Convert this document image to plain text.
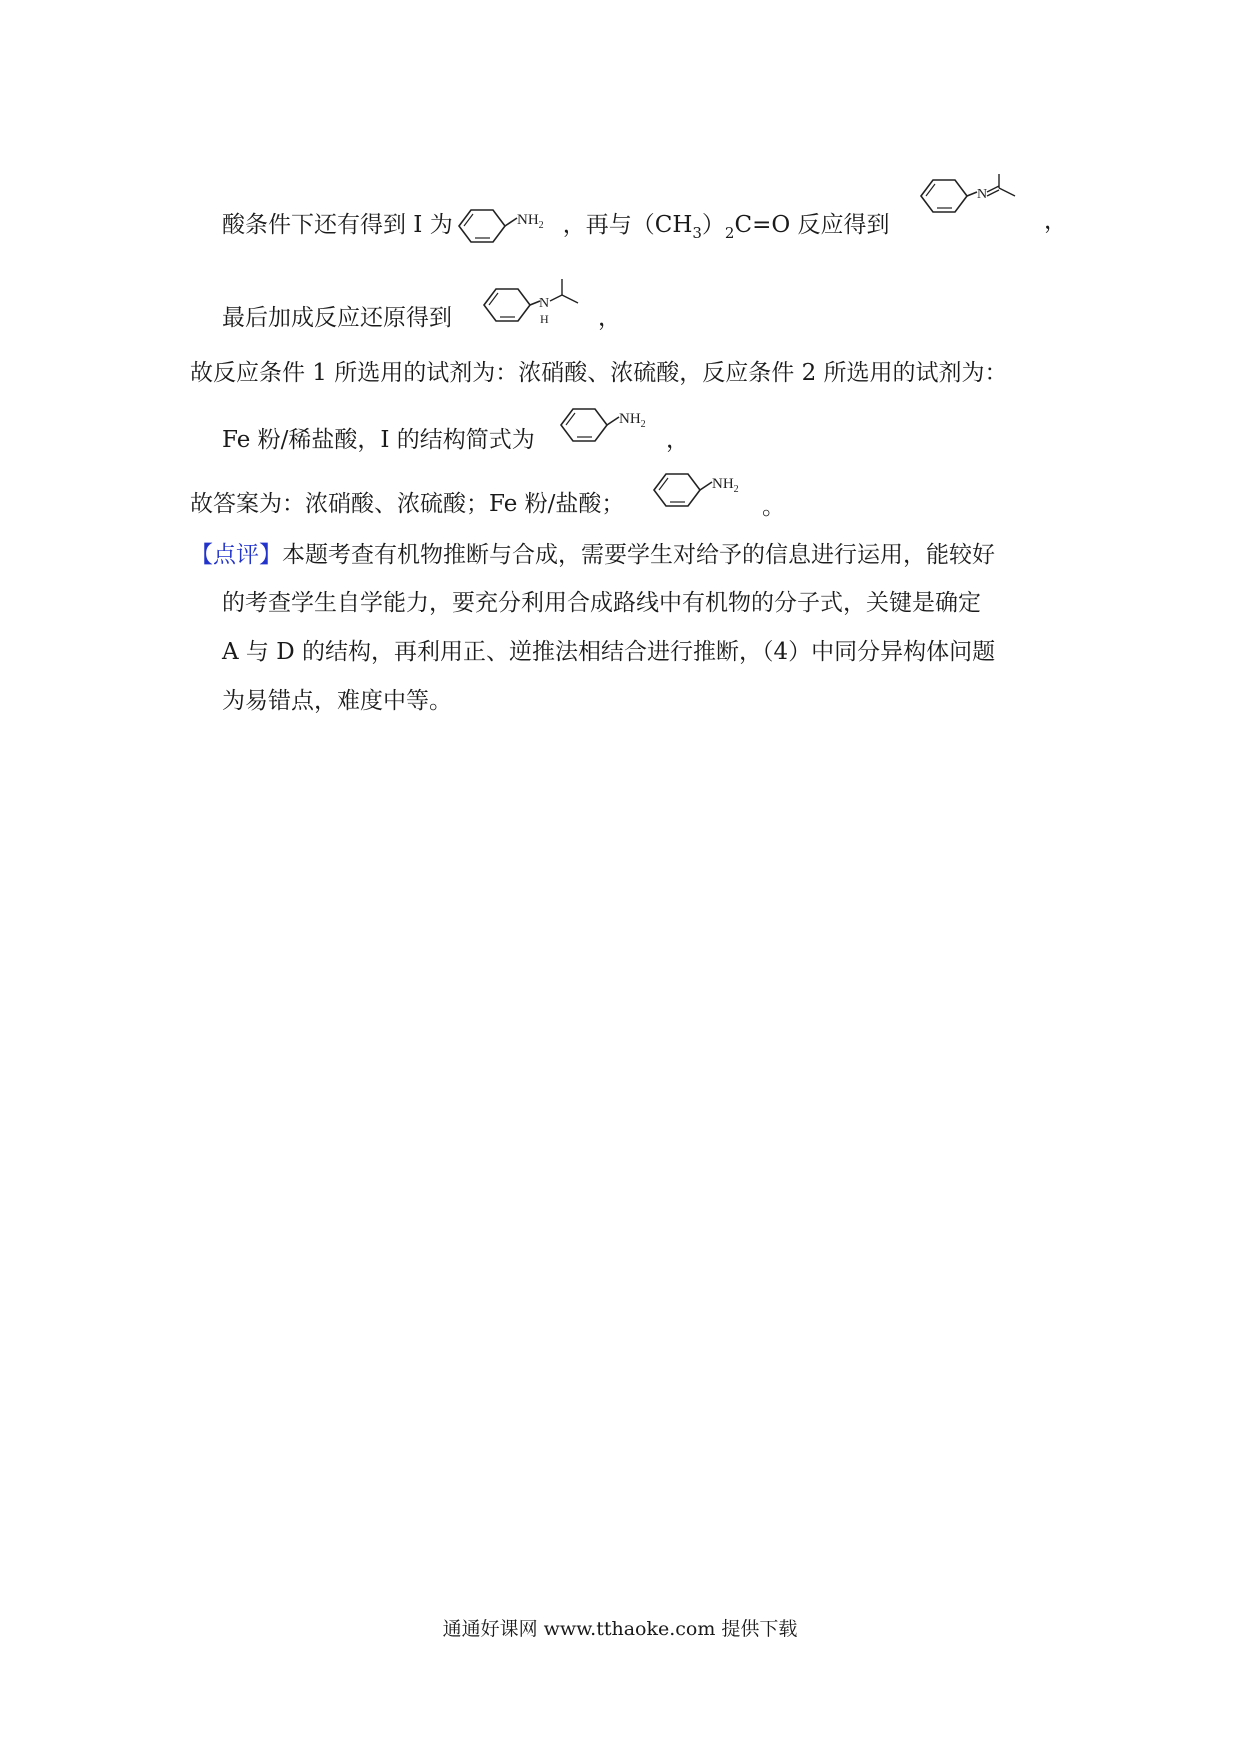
酸条件下还有得到 I 为	$NH_2$ ，再与$(CH_3)_2C=O$ 反应得到
N
，
最后加成反应还原得到
N
H ，
故反应条件 1 所选用的试剂为：浓硝酸、浓硫酸，反应条件 2 所选用的试剂为：
Fe 粉/稀盐酸，I 的结构简式为
$NH_2$
，
故答案为：浓硝酸、浓硫酸；Fe 粉/盐酸；
$NH_2$
。
【点评】本题考查有机物推断与合成，需要学生对给予的信息进行运用，能较好
的考查学生自学能力，要充分利用合成路线中有机物的分子式，关键是确定
A 与 D 的结构，再利用正、逆推法相结合进行推断，（4）中同分异构体问题
为易错点，难度中等。
通通好课网 www.tthaoke.com 提供下载
